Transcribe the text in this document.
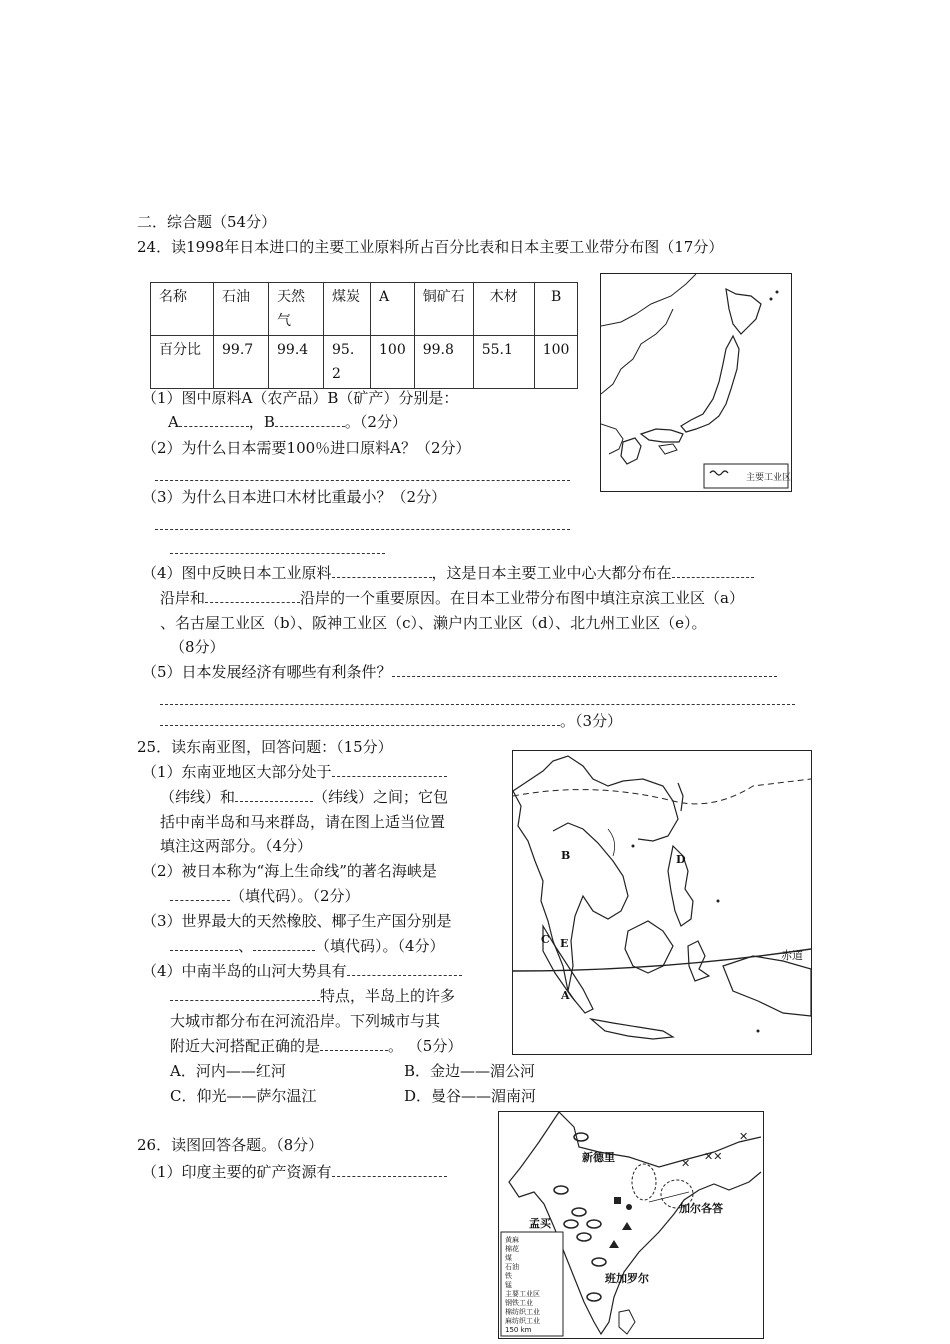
二．综合题（54分）
24．读1998年日本进口的主要工业原料所占百分比表和日本主要工业带分布图（17分）
名称	石油	天然气	煤炭	A	铜矿石	木材	B
百分比	99.7	99.4	95.2	100	99.8	55.1	100
主要工业区
（1）图中原料A（农产品）B（矿产）分别是：
A	，B	。（2分）
（2）为什么日本需要100％进口原料A？（2分）
（3）为什么日本进口木材比重最小？（2分）
（4）图中反映日本工业原料	，这是日本主要工业中心大都分布在
沿岸和	沿岸的一个重要原因。在日本工业带分布图中填注京滨工业区（a）
、名古屋工业区（b）、阪神工业区（c）、濑户内工业区（d）、北九州工业区（e）。
（8分）
（5）日本发展经济有哪些有利条件？
。（3分）
25．读东南亚图，回答问题：（15分）
（1）东南亚地区大部分处于
（纬线）和	（纬线）之间；它包
括中南半岛和马来群岛，请在图上适当位置
填注这两部分。（4分）
（2）被日本称为“海上生命线”的著名海峡是
（填代码）。（2分）
（3）世界最大的天然橡胶、椰子生产国分别是
、	（填代码）。（4分）
（4）中南半岛的山河大势具有
特点，半岛上的许多
大城市都分布在河流沿岸。下列城市与其
附近大河搭配正确的是	。 （5分）
A．河内——红河	B．金边——湄公河
C．仰光——萨尔温江	D．曼谷——湄南河
赤道
B	D
C E
A
26．读图回答各题。（8分）
（1）印度主要的矿产资源有	✕
✕✕
✕
新德里
孟买
加尔各答
班加罗尔
黄麻
棉花
煤
石油
铁
锰
主要工业区
钢铁工业
棉纺织工业
麻纺织工业
150 km
